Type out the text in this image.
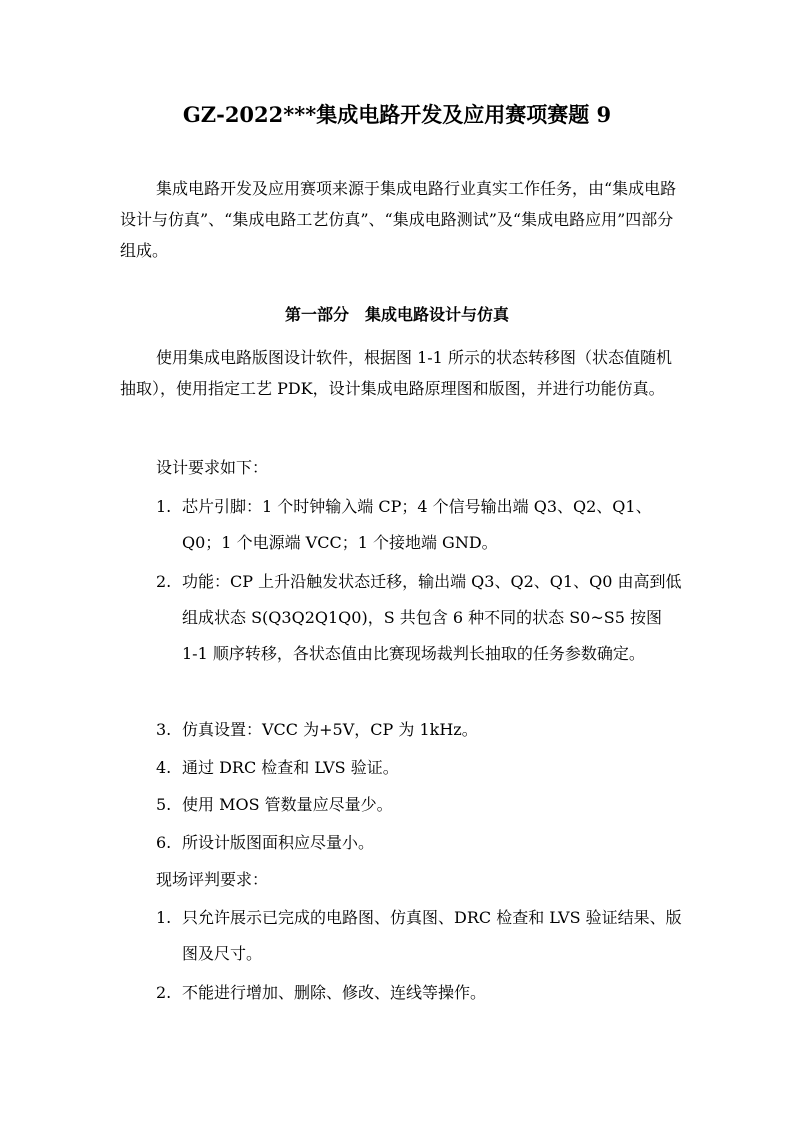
GZ-2022***集成电路开发及应用赛项赛题 9
集成电路开发及应用赛项来源于集成电路行业真实工作任务，由“集成电路设计与仿真”、“集成电路工艺仿真”、“集成电路测试”及“集成电路应用”四部分组成。
第一部分　集成电路设计与仿真
使用集成电路版图设计软件，根据图 1-1 所示的状态转移图（状态值随机抽取），使用指定工艺 PDK，设计集成电路原理图和版图，并进行功能仿真。
设计要求如下：
1. 芯片引脚：1 个时钟输入端 CP；4 个信号输出端 Q3、Q2、Q1、Q0；1 个电源端 VCC；1 个接地端 GND。
2. 功能：CP 上升沿触发状态迁移，输出端 Q3、Q2、Q1、Q0 由高到低组成状态 S(Q3Q2Q1Q0)，S 共包含 6 种不同的状态 S0~S5 按图 1-1 顺序转移，各状态值由比赛现场裁判长抽取的任务参数确定。
3. 仿真设置：VCC 为+5V，CP 为 1kHz。
4. 通过 DRC 检查和 LVS 验证。
5. 使用 MOS 管数量应尽量少。
6. 所设计版图面积应尽量小。
现场评判要求：
1. 只允许展示已完成的电路图、仿真图、DRC 检查和 LVS 验证结果、版图及尺寸。
2. 不能进行增加、删除、修改、连线等操作。
